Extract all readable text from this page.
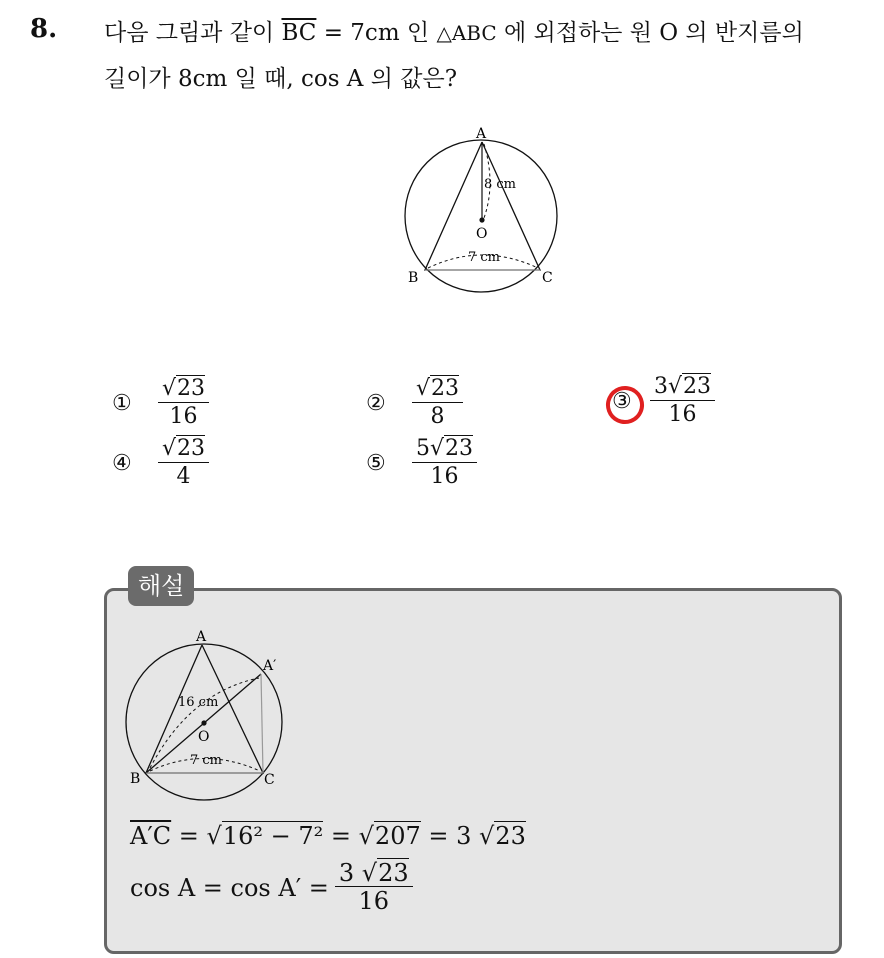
8. 다음 그림과 같이 $\overline{BC} = 7cm$ 인 △ABC 에 외접하는 원 O 의 반지름의
길이가 8cm 일 때, cos A 의 값은?
A
B	C
O
8 cm
7 cm
①	$\frac{√23}{16}$	②	$\frac{√23}{8}$	③ $\frac{3√23}{16}$
④	$\frac{√23}{4}$	⑤	$\frac{5√23}{16}$
해설
A
A′
B	C
O
16 cm
7 cm
A′C = √16² − 7² = √207 = 3 √23
$\cos A = \cos A' = \frac{3 √23}{16}$
